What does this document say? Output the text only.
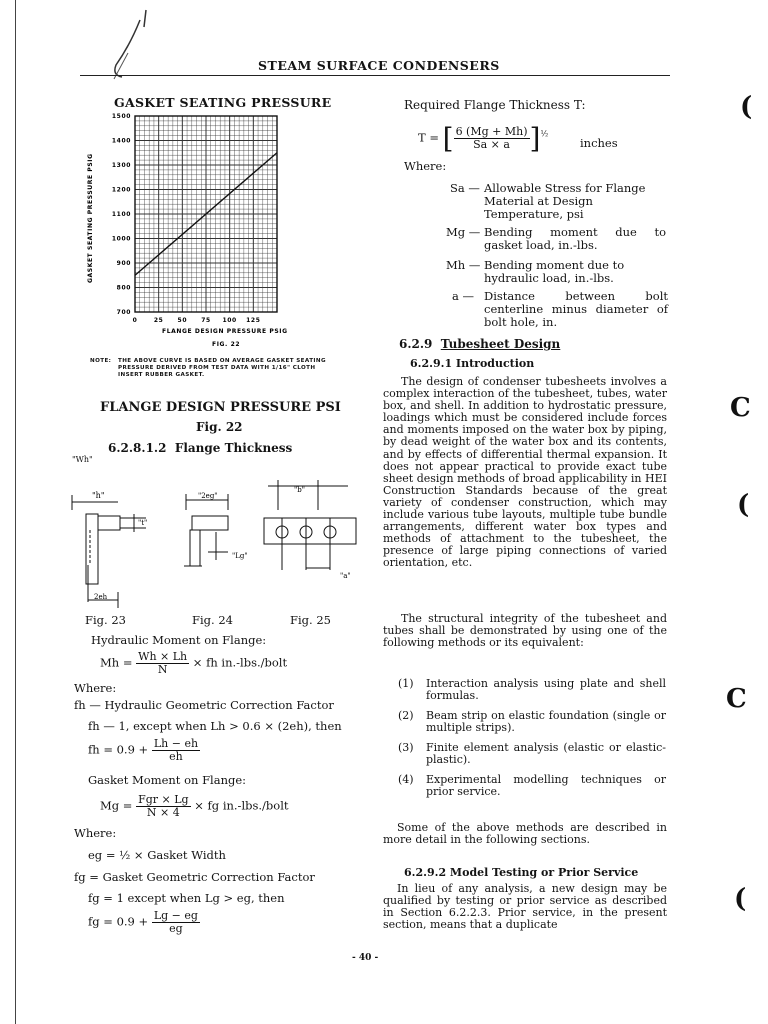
STEAM SURFACE CONDENSERS
GASKET SEATING PRESSURE
700
800
900
1000
1100
1200
1300
1400
1500
0	25 50 75 100 125
GASKET SEATING PRESSURE PSIG
FLANGE DESIGN PRESSURE PSIG
FIG. 22
NOTE: THE ABOVE CURVE IS BASED ON AVERAGE GASKET SEATING PRESSURE DERIVED FROM TEST DATA WITH 1/16" CLOTH INSERT RUBBER GASKET.
FLANGE DESIGN PRESSURE PSI
Fig. 22
6.2.8.1.2 Flange Thickness
"Wh"
"h"
"t"
2eh
"2eg"
"Lg"
"b"
"a"
Fig. 23	Fig. 24	Fig. 25
Hydraulic Moment on Flange:
$Mh = \frac{Wh \times Lh}{N}$ × fh in.-lbs./bolt
Where:
fh — Hydraulic Geometric Correction Factor
fh — 1, except when Lh > 0.6 × (2eh), then
fh = $0.9 + \frac{Lh - eh}{eh}$
Gasket Moment on Flange:
$Mg = \frac{\text{Fgr × Lg}}{N \times 4}$ × fg in.-lbs./bolt
Where:
eg = ½ × Gasket Width
fg = Gasket Geometric Correction Factor
fg = 1 except when Lg > eg, then
fg = $0.9 + \frac{Lg - eg}{eg}$
Required Flange Thickness T:
T = [ $\frac{6 (Mg + Mh)}{Sa \times a} ]^{\frac{1}{2}}$
inches
Where:
Sa — Allowable Stress for Flange Material at Design Temperature, psi
Mg — Bending moment due to gasket load, in.-lbs.
Mh — Bending moment due to hydraulic load, in.-lbs.
a — Distance between bolt centerline minus diameter of bolt hole, in.
6.2.9 Tubesheet Design
6.2.9.1 Introduction
The design of condenser tubesheets involves a complex interaction of the tubesheet, tubes, water box, and shell. In addition to hydrostatic pressure, loadings which must be considered include forces and moments imposed on the water box by piping, by dead weight of the water box and its contents, and by effects of differential thermal expansion. It does not appear practical to provide exact tube sheet design methods of broad applicability in HEI Construction Standards because of the great variety of condenser construction, which may include various tube layouts, multiple tube bundle arrangements, different water box types and methods of attachment to the tubesheet, the presence of large piping connections of varied orientation, etc.
The structural integrity of the tubesheet and tubes shall be demonstrated by using one of the following methods or its equivalent:
(1) Interaction analysis using plate and shell formulas.
(2) Beam strip on elastic foundation (single or multiple strips).
(3) Finite element analysis (elastic or elastic-plastic).
(4) Experimental modelling techniques or prior service.
Some of the above methods are described in more detail in the following sections.
6.2.9.2 Model Testing or Prior Service
In lieu of any analysis, a new design may be qualified by testing or prior service as described in Section 6.2.2.3. Prior service, in the present section, means that a duplicate
(
C
(
C
(
- 40 -
